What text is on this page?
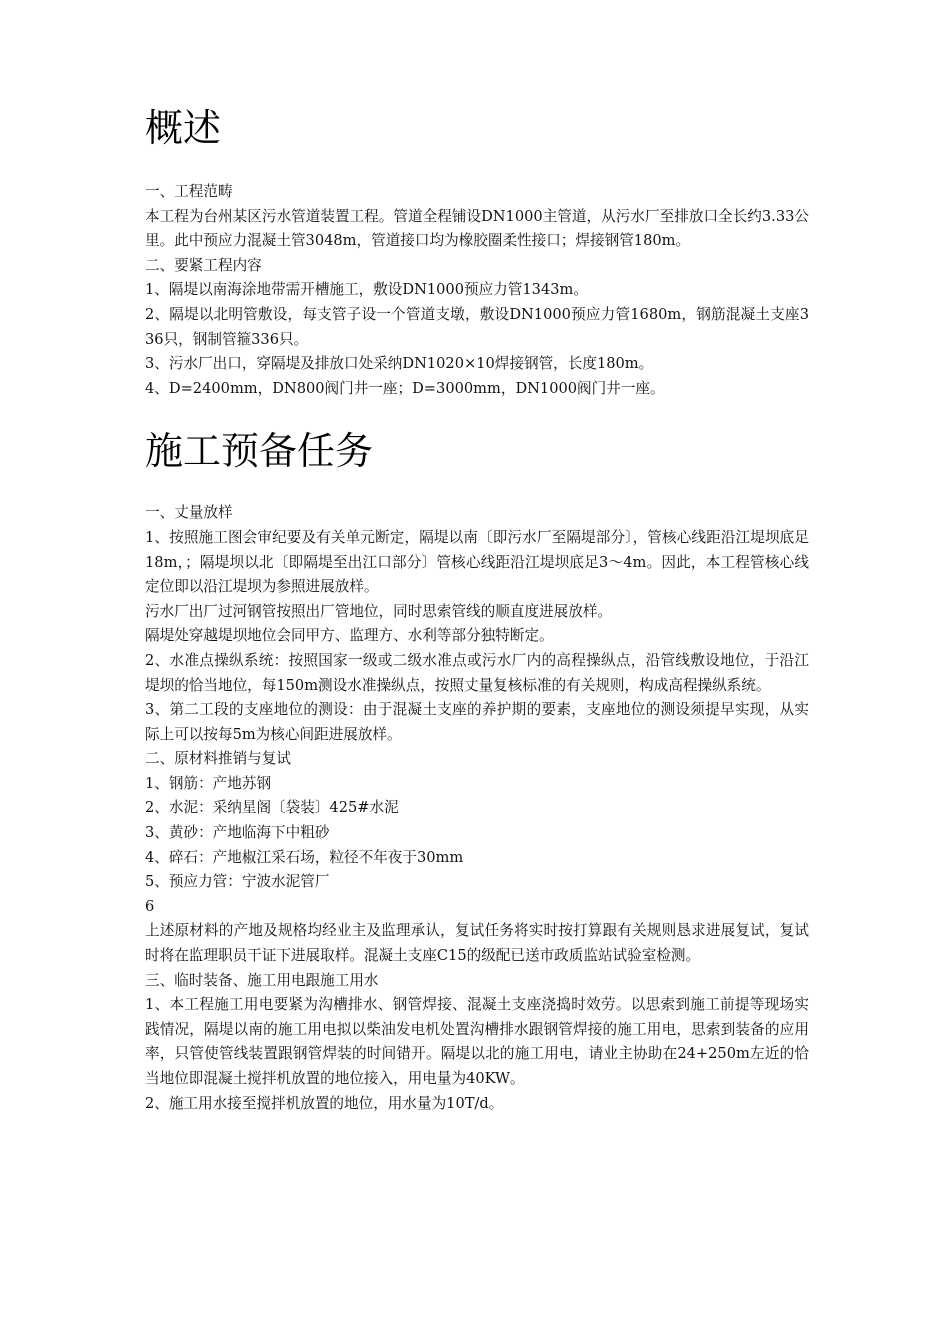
概述

一、工程范畴

本工程为台州某区污水管道装置工程。管道全程铺设DN1000主管道，从污水厂至排放口全长约3.33公里。此中预应力混凝土管3048m，管道接口均为橡胶圈柔性接口；焊接钢管180m。

二、要紧工程内容

1、隔堤以南海涂地带需开槽施工，敷设DN1000预应力管1343m。

2、隔堤以北明管敷设，每支管子设一个管道支墩，敷设DN1000预应力管1680m，钢筋混凝土支座336只，钢制管箍336只。

3、污水厂出口，穿隔堤及排放口处采纳DN1020×10焊接钢管，长度180m。

4、D=2400mm，DN800阀门井一座；D=3000mm，DN1000阀门井一座。

施工预备任务

一、丈量放样

1、按照施工图会审纪要及有关单元断定，隔堤以南〔即污水厂至隔堤部分〕，管核心线距沿江堤坝底足18m，；隔堤坝以北〔即隔堤至出江口部分〕管核心线距沿江堤坝底足3～4m。因此，本工程管核心线定位即以沿江堤坝为参照进展放样。

污水厂出厂过河钢管按照出厂管地位，同时思索管线的顺直度进展放样。

隔堤处穿越堤坝地位会同甲方、监理方、水利等部分独特断定。

2、水准点操纵系统：按照国家一级或二级水准点或污水厂内的高程操纵点，沿管线敷设地位，于沿江堤坝的恰当地位，每150m测设水准操纵点，按照丈量复核标准的有关规则，构成高程操纵系统。

3、第二工段的支座地位的测设：由于混凝土支座的养护期的要素，支座地位的测设须提早实现，从实际上可以按每5m为核心间距进展放样。

二、原材料推销与复试

1、钢筋：产地苏钢

2、水泥：采纳星阁〔袋装〕425#水泥

3、黄砂：产地临海下中粗砂

4、碎石：产地椒江采石场，粒径不年夜于30mm

5、预应力管：宁波水泥管厂

6

上述原材料的产地及规格均经业主及监理承认，复试任务将实时按打算跟有关规则恳求进展复试，复试时将在监理职员干证下进展取样。混凝土支座C15的级配已送市政质监站试验室检测。

三、临时装备、施工用电跟施工用水

1、本工程施工用电要紧为沟槽排水、钢管焊接、混凝土支座浇捣时效劳。以思索到施工前提等现场实践情况，隔堤以南的施工用电拟以柴油发电机处置沟槽排水跟钢管焊接的施工用电，思索到装备的应用率，只管使管线装置跟钢管焊装的时间错开。隔堤以北的施工用电，请业主协助在24+250m左近的恰当地位即混凝土搅拌机放置的地位接入，用电量为40KW。

2、施工用水接至搅拌机放置的地位，用水量为10T/d。
